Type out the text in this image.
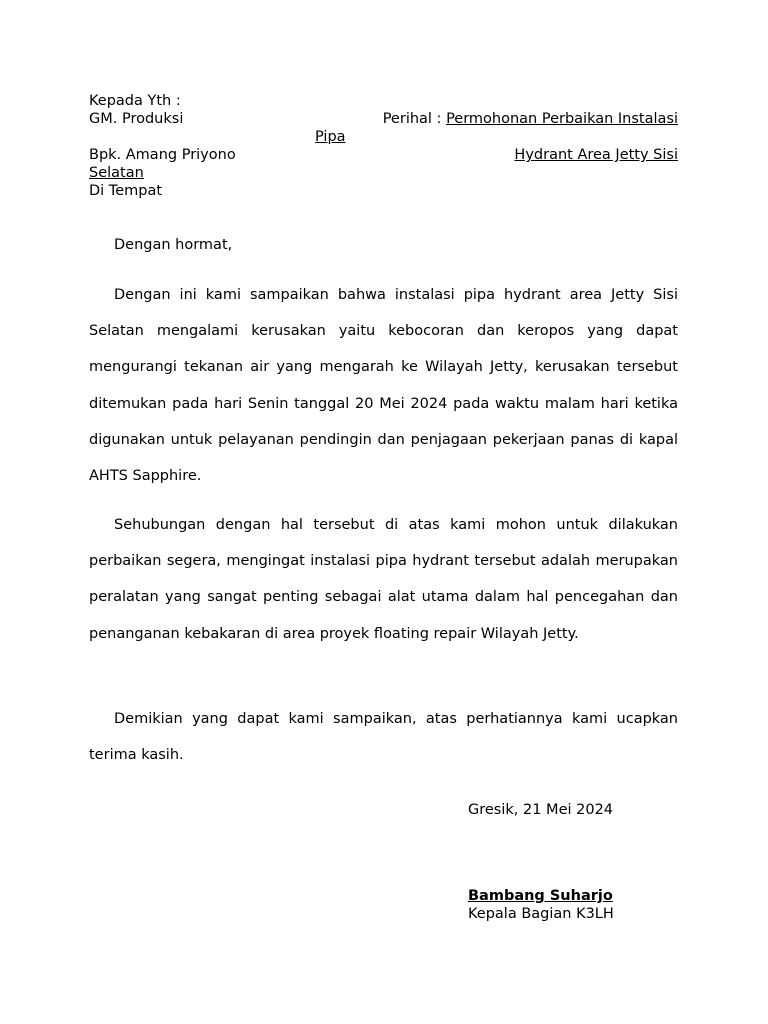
Kepada Yth :
GM. Produksi
Bpk. Amang Priyono
Di Tempat
Perihal : Permohonan Perbaikan Instalasi
Pipa
Hydrant Area Jetty Sisi
Selatan

Dengan hormat,

Dengan ini kami sampaikan bahwa instalasi pipa hydrant area Jetty Sisi Selatan mengalami kerusakan yaitu kebocoran dan keropos yang dapat mengurangi tekanan air yang mengarah ke Wilayah Jetty, kerusakan tersebut ditemukan pada hari Senin tanggal 20 Mei 2024 pada waktu malam hari ketika digunakan untuk pelayanan pendingin dan penjagaan pekerjaan panas di kapal AHTS Sapphire.

Sehubungan dengan hal tersebut di atas kami mohon untuk dilakukan perbaikan segera, mengingat instalasi pipa hydrant tersebut adalah merupakan peralatan yang sangat penting sebagai alat utama dalam hal pencegahan dan penanganan kebakaran di area proyek floating repair Wilayah Jetty.

Demikian yang dapat kami sampaikan, atas perhatiannya kami ucapkan terima kasih.

Gresik, 21 Mei 2024
Bambang Suharjo
Kepala Bagian K3LH
